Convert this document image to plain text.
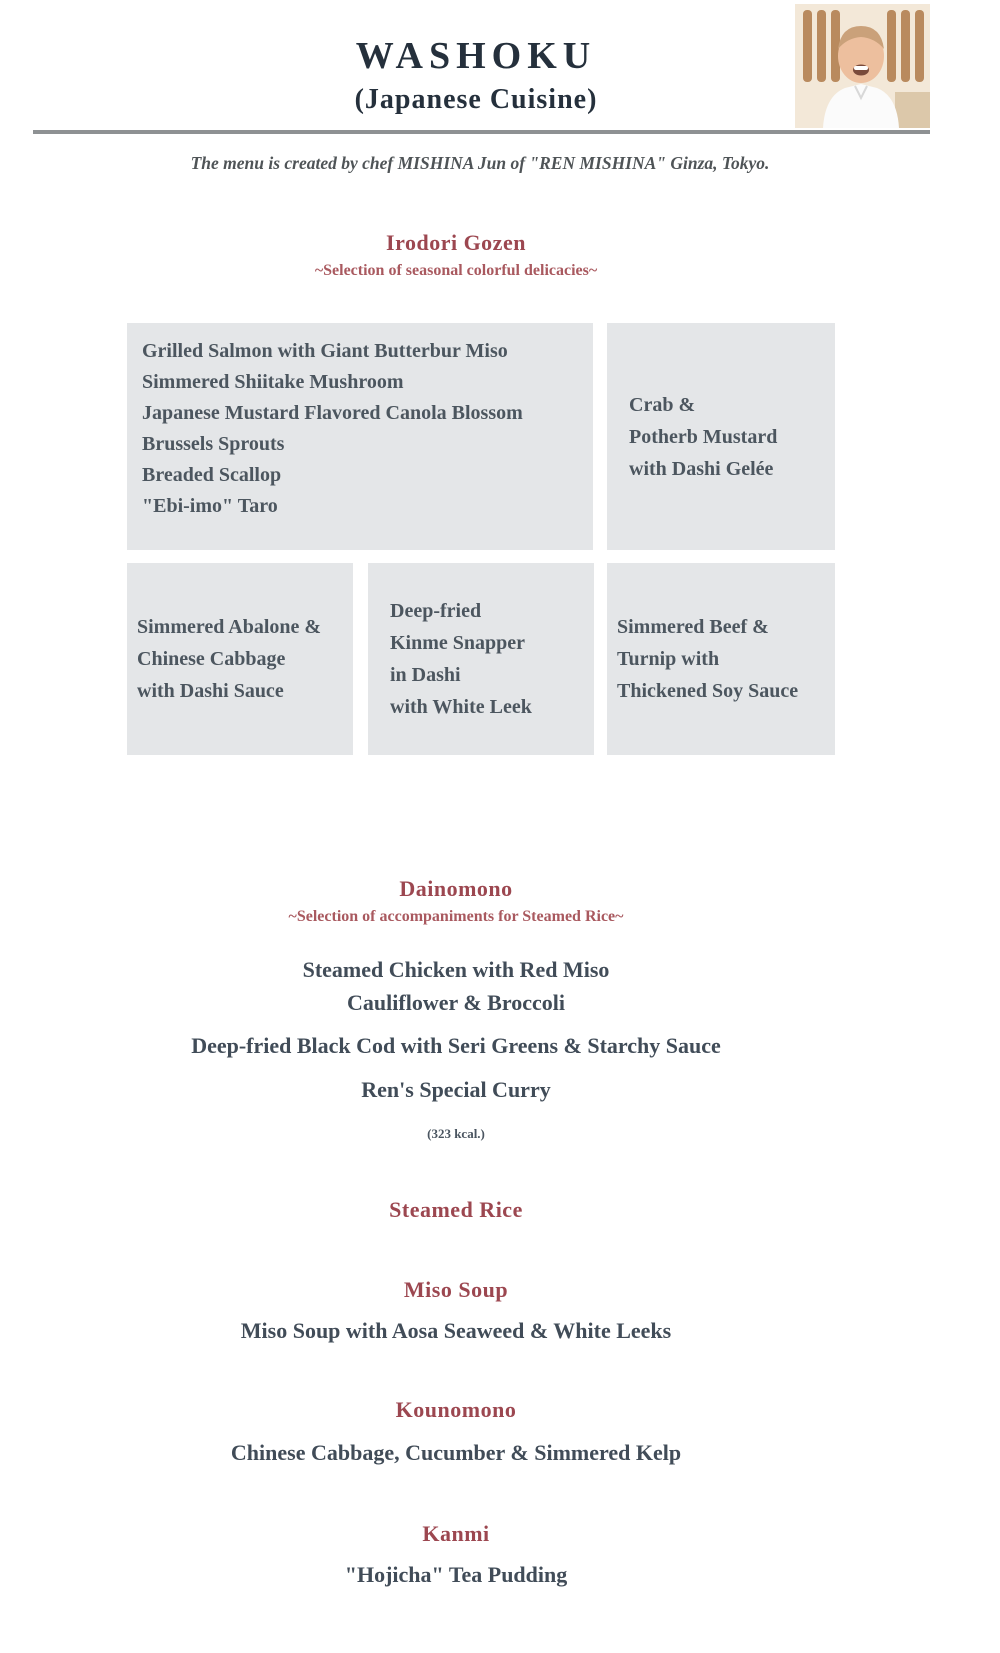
WASHOKU
(Japanese Cuisine)
The menu is created by chef MISHINA Jun of "REN MISHINA" Ginza, Tokyo.
Irodori Gozen
~Selection of seasonal colorful delicacies~
Grilled Salmon with Giant Butterbur Miso
Simmered Shiitake Mushroom
Japanese Mustard Flavored Canola Blossom
Brussels Sprouts
Breaded Scallop
"Ebi-imo" Taro
Crab &
Potherb Mustard
with Dashi Gelée
Simmered Abalone &
Chinese Cabbage
with Dashi Sauce
Deep-fried
Kinme Snapper
in Dashi
with White Leek
Simmered Beef &
Turnip with
Thickened Soy Sauce
Dainomono
~Selection of accompaniments for Steamed Rice~
Steamed Chicken with Red Miso
Cauliflower & Broccoli
Deep-fried Black Cod with Seri Greens & Starchy Sauce
Ren's Special Curry
(323 kcal.)
Steamed Rice
Miso Soup
Miso Soup with Aosa Seaweed & White Leeks
Kounomono
Chinese Cabbage, Cucumber & Simmered Kelp
Kanmi
"Hojicha" Tea Pudding
